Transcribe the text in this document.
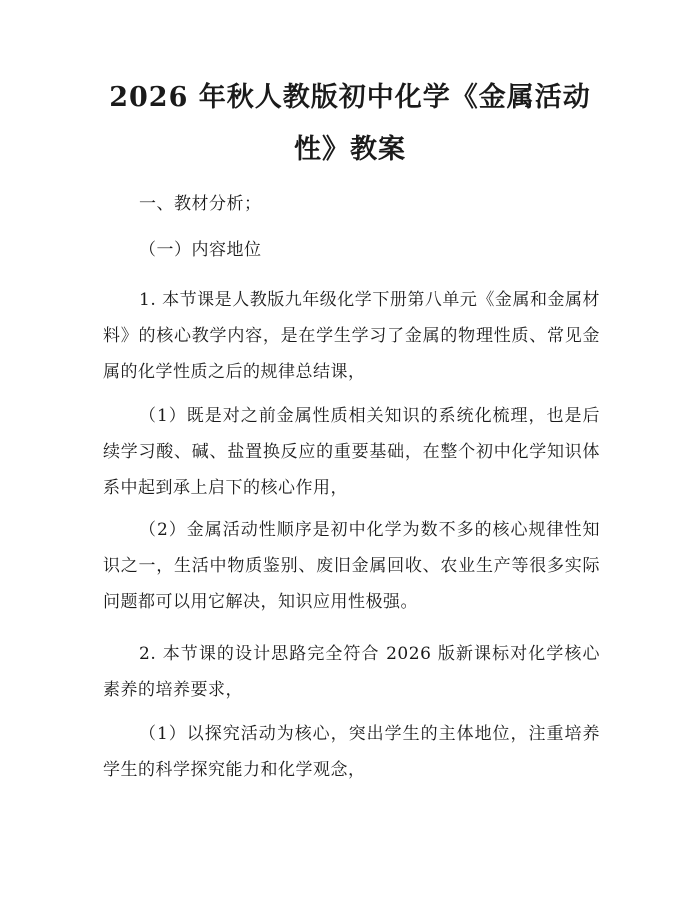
2026 年秋人教版初中化学《金属活动性》教案

一、教材分析；

（一）内容地位

1. 本节课是人教版九年级化学下册第八单元《金属和金属材料》的核心教学内容，是在学生学习了金属的物理性质、常见金属的化学性质之后的规律总结课，

（1）既是对之前金属性质相关知识的系统化梳理，也是后续学习酸、碱、盐置换反应的重要基础，在整个初中化学知识体系中起到承上启下的核心作用，

（2）金属活动性顺序是初中化学为数不多的核心规律性知识之一，生活中物质鉴别、废旧金属回收、农业生产等很多实际问题都可以用它解决，知识应用性极强。

2. 本节课的设计思路完全符合 2026 版新课标对化学核心素养的培养要求，

（1）以探究活动为核心，突出学生的主体地位，注重培养学生的科学探究能力和化学观念，
